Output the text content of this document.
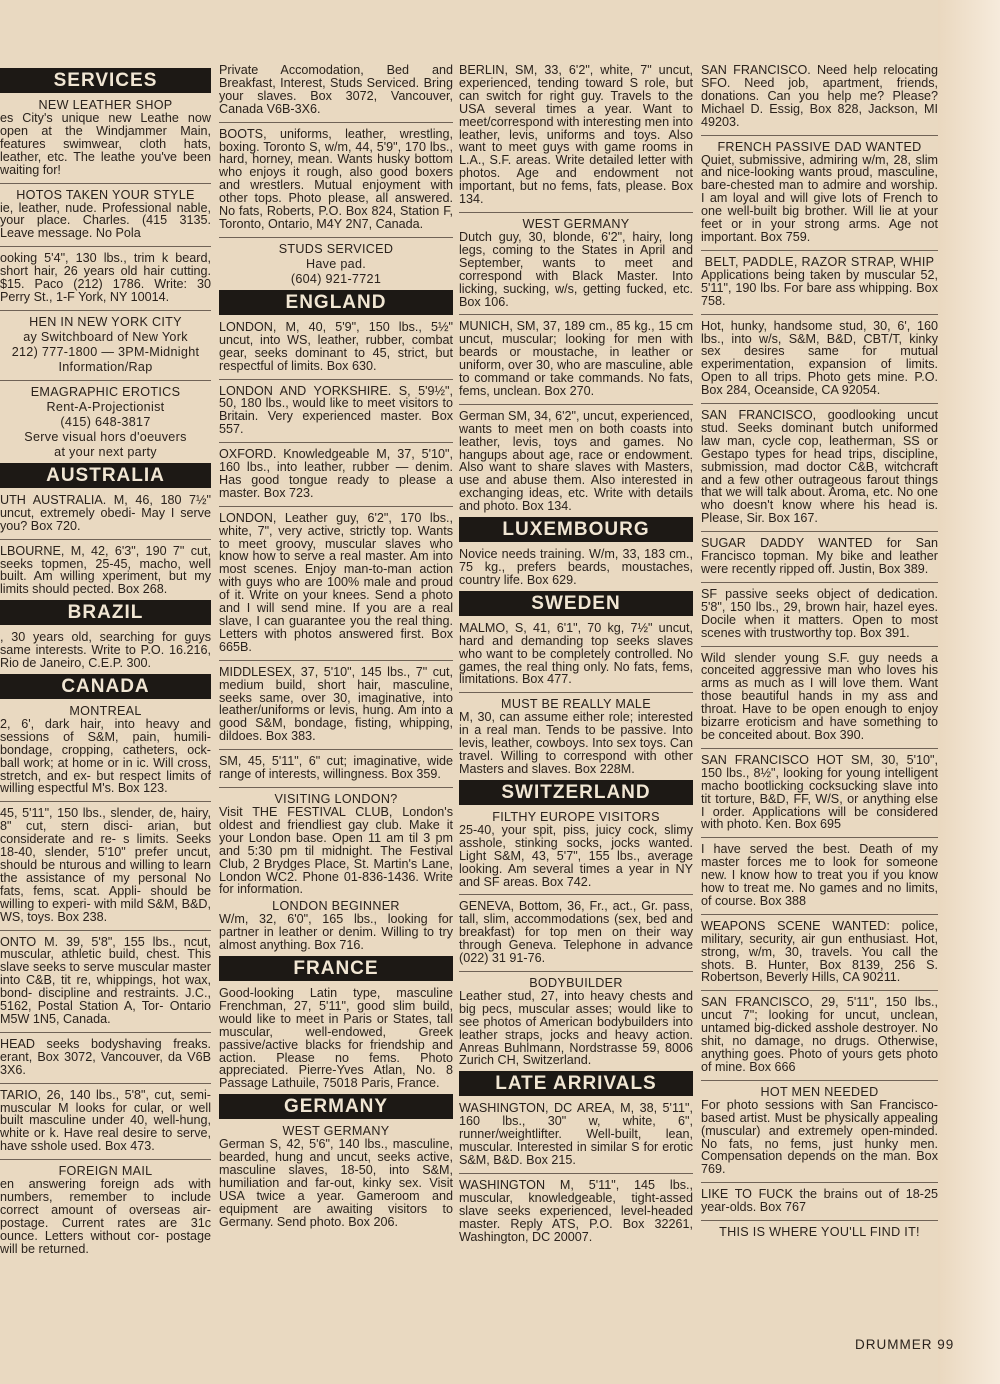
SERVICES
NEW LEATHER SHOP

es City's unique new Leathe now open at the Windjammer Main, features swimwear, cloth hats, leather, etc. The leathe you've been waiting for!

HOTOS TAKEN YOUR STYLE

ie, leather, nude. Professional nable, your place. Charles. (415 3135. Leave message. No Pola

ooking 5'4", 130 lbs., trim k beard, short hair, 26 years old hair cutting. $15. Paco (212) 1786. Write: 30 Perry St., 1-F York, NY 10014.

HEN IN NEW YORK CITY
ay Switchboard of New York
212) 777-1800 — 3PM-Midnight
Information/Rap
EMAGRAPHIC EROTICS
Rent-A-Projectionist
(415) 648-3817
Serve visual hors d'oeuvers
at your next party
AUSTRALIA

UTH AUSTRALIA. M, 46, 180 7½" uncut, extremely obedi- May I serve you? Box 720.

LBOURNE, M, 42, 6'3", 190 7" cut, seeks topmen, 25-45, macho, well built. Am willing xperiment, but my limits should pected. Box 268.

BRAZIL

, 30 years old, searching for guys same interests. Write to P.O. 16.216, Rio de Janeiro, C.E.P. 300.

CANADA
MONTREAL

2, 6', dark hair, into heavy and sessions of S&M, pain, humili- bondage, cropping, catheters, ock-ball work; at home or in ic. Will cross, stretch, and ex- but respect limits of willing espectful M's. Box 123.

45, 5'11", 150 lbs., slender, de, hairy, 8" cut, stern disci- arian, but considerate and re- s limits. Seeks 18-40, slender, 5'10" prefer uncut, should be nturous and willing to learn the assistance of my personal No fats, fems, scat. Appli- should be willing to experi- with mild S&M, B&D, WS, toys. Box 238.

ONTO M. 39, 5'8", 155 lbs., ncut, muscular, athletic build, chest. This slave seeks to serve muscular master into C&B, tit re, whippings, hot wax, bond- discipline and restraints. J.C., 5162, Postal Station A, Tor- Ontario M5W 1N5, Canada.

HEAD seeks bodyshaving freaks. erant, Box 3072, Vancouver, da V6B 3X6.

TARIO, 26, 140 lbs., 5'8", cut, semi-muscular M looks for cular, or well built masculine under 40, well-hung, white or k. Have real desire to serve, have sshole used. Box 473.

FOREIGN MAIL

en answering foreign ads with numbers, remember to include correct amount of overseas air- postage. Current rates are 31c ounce. Letters without cor- postage will be returned.

Private Accomodation, Bed and Breakfast, Interest, Studs Serviced. Bring your slaves. Box 3072, Vancouver, Canada V6B-3X6.

BOOTS, uniforms, leather, wrestling, boxing. Toronto S, w/m, 44, 5'9", 170 lbs., hard, horney, mean. Wants husky bottom who enjoys it rough, also good boxers and wrestlers. Mutual enjoyment with other tops. Photo please, all answered. No fats, Roberts, P.O. Box 824, Station F, Toronto, Ontario, M4Y 2N7, Canada.

STUDS SERVICED
Have pad.
(604) 921-7721
ENGLAND

LONDON, M, 40, 5'9", 150 lbs., 5½" uncut, into WS, leather, rubber, combat gear, seeks dominant to 45, strict, but respectful of limits. Box 630.

LONDON AND YORKSHIRE. S, 5'9½", 50, 180 lbs., would like to meet visitors to Britain. Very experienced master. Box 557.

OXFORD. Knowledgeable M, 37, 5'10", 160 lbs., into leather, rubber — denim. Has good tongue ready to please a master. Box 723.

LONDON, Leather guy, 6'2", 170 lbs., white, 7", very active, strictly top. Wants to meet groovy, muscular slaves who know how to serve a real master. Am into most scenes. Enjoy man-to-man action with guys who are 100% male and proud of it. Write on your knees. Send a photo and I will send mine. If you are a real slave, I can guarantee you the real thing. Letters with photos answered first. Box 665B.

MIDDLESEX, 37, 5'10", 145 lbs., 7" cut, medium build, short hair, masculine, seeks same, over 30, imaginative, into leather/uniforms or levis, hung. Am into a good S&M, bondage, fisting, whipping, dildoes. Box 383.

SM, 45, 5'11", 6" cut; imaginative, wide range of interests, willingness. Box 359.

VISITING LONDON?

Visit THE FESTIVAL CLUB, London's oldest and friendliest gay club. Make it your London base. Open 11 am til 3 pm and 5:30 pm til midnight. The Festival Club, 2 Brydges Place, St. Martin's Lane, London WC2. Phone 01-836-1436. Write for information.

LONDON BEGINNER

W/m, 32, 6'0", 165 lbs., looking for partner in leather or denim. Willing to try almost anything. Box 716.

FRANCE

Good-looking Latin type, masculine Frenchman, 27, 5'11", good slim build, would like to meet in Paris or States, tall muscular, well-endowed, Greek passive/active blacks for friendship and action. Please no fems. Photo appreciated. Pierre-Yves Atlan, No. 8 Passage Lathuile, 75018 Paris, France.

GERMANY
WEST GERMANY

German S, 42, 5'6", 140 lbs., masculine, bearded, hung and uncut, seeks active, masculine slaves, 18-50, into S&M, humiliation and far-out, kinky sex. Visit USA twice a year. Gameroom and equipment are awaiting visitors to Germany. Send photo. Box 206.

BERLIN, SM, 33, 6'2", white, 7" uncut, experienced, tending toward S role, but can switch for right guy. Travels to the USA several times a year. Want to meet/correspond with interesting men into leather, levis, uniforms and toys. Also want to meet guys with game rooms in L.A., S.F. areas. Write detailed letter with photos. Age and endowment not important, but no fems, fats, please. Box 134.

WEST GERMANY

Dutch guy, 30, blonde, 6'2", hairy, long legs, coming to the States in April and September, wants to meet and correspond with Black Master. Into licking, sucking, w/s, getting fucked, etc. Box 106.

MUNICH, SM, 37, 189 cm., 85 kg., 15 cm uncut, muscular; looking for men with beards or moustache, in leather or uniform, over 30, who are masculine, able to command or take commands. No fats, fems, unclean. Box 270.

German SM, 34, 6'2", uncut, experienced, wants to meet men on both coasts into leather, levis, toys and games. No hangups about age, race or endowment. Also want to share slaves with Masters, use and abuse them. Also interested in exchanging ideas, etc. Write with details and photo. Box 134.

LUXEMBOURG

Novice needs training. W/m, 33, 183 cm., 75 kg., prefers beards, moustaches, country life. Box 629.

SWEDEN

MALMO, S, 41, 6'1", 70 kg, 7½" uncut, hard and demanding top seeks slaves who want to be completely controlled. No games, the real thing only. No fats, fems, limitations. Box 477.

MUST BE REALLY MALE

M, 30, can assume either role; interested in a real man. Tends to be passive. Into levis, leather, cowboys. Into sex toys. Can travel. Willing to correspond with other Masters and slaves. Box 228M.

SWITZERLAND
FILTHY EUROPE VISITORS

25-40, your spit, piss, juicy cock, slimy asshole, stinking socks, jocks wanted. Light S&M, 43, 5'7", 155 lbs., average looking. Am several times a year in NY and SF areas. Box 742.

GENEVA, Bottom, 36, Fr., act., Gr. pass, tall, slim, accommodations (sex, bed and breakfast) for top men on their way through Geneva. Telephone in advance (022) 31 91-76.

BODYBUILDER

Leather stud, 27, into heavy chests and big pecs, muscular asses; would like to see photos of American bodybuilders into leather straps, jocks and heavy action. Anreas Buhlmann, Nordstrasse 59, 8006 Zurich CH, Switzerland.

LATE ARRIVALS

WASHINGTON, DC AREA, M, 38, 5'11", 160 lbs., 30" w, white, 6", runner/weightlifter. Well-built, lean, muscular. Interested in similar S for erotic S&M, B&D. Box 215.

WASHINGTON M, 5'11", 145 lbs., muscular, knowledgeable, tight-assed slave seeks experienced, level-headed master. Reply ATS, P.O. Box 32261, Washington, DC 20007.

SAN FRANCISCO. Need help relocating SFO. Need job, apartment, friends, donations. Can you help me? Please? Michael D. Essig, Box 828, Jackson, MI 49203.

FRENCH PASSIVE DAD WANTED

Quiet, submissive, admiring w/m, 28, slim and nice-looking wants proud, masculine, bare-chested man to admire and worship. I am loyal and will give lots of French to one well-built big brother. Will lie at your feet or in your strong arms. Age not important. Box 759.

BELT, PADDLE, RAZOR STRAP, WHIP

Applications being taken by muscular 52, 5'11", 190 lbs. For bare ass whipping. Box 758.

Hot, hunky, handsome stud, 30, 6', 160 lbs., into w/s, S&M, B&D, CBT/T, kinky sex desires same for mutual experimentation, expansion of limits. Open to all trips. Photo gets mine. P.O. Box 284, Oceanside, CA 92054.

SAN FRANCISCO, goodlooking uncut stud. Seeks dominant butch uniformed law man, cycle cop, leatherman, SS or Gestapo types for head trips, discipline, submission, mad doctor C&B, witchcraft and a few other outrageous farout things that we will talk about. Aroma, etc. No one who doesn't know where his head is. Please, Sir. Box 167.

SUGAR DADDY WANTED for San Francisco topman. My bike and leather were recently ripped off. Justin, Box 389.

SF passive seeks object of dedication. 5'8", 150 lbs., 29, brown hair, hazel eyes. Docile when it matters. Open to most scenes with trustworthy top. Box 391.

Wild slender young S.F. guy needs a conceited aggressive man who loves his arms as much as I will love them. Want those beautiful hands in my ass and throat. Have to be open enough to enjoy bizarre eroticism and have something to be conceited about. Box 390.

SAN FRANCISCO HOT SM, 30, 5'10", 150 lbs., 8½", looking for young intelligent macho bootlicking cocksucking slave into tit torture, B&D, FF, W/S, or anything else I order. Applications will be considered with photo. Ken. Box 695

I have served the best. Death of my master forces me to look for someone new. I know how to treat you if you know how to treat me. No games and no limits, of course. Box 388

WEAPONS SCENE WANTED: police, military, security, air gun enthusiast. Hot, strong, w/m, 30, travels. You call the shots. B. Hunter, Box 8139, 256 S. Robertson, Beverly Hills, CA 90211.

SAN FRANCISCO, 29, 5'11", 150 lbs., uncut 7"; looking for uncut, unclean, untamed big-dicked asshole destroyer. No shit, no damage, no drugs. Otherwise, anything goes. Photo of yours gets photo of mine. Box 666

HOT MEN NEEDED

For photo sessions with San Francisco-based artist. Must be physically appealing (muscular) and extremely open-minded. No fats, no fems, just hunky men. Compensation depends on the man. Box 769.

LIKE TO FUCK the brains out of 18-25 year-olds. Box 767

THIS IS WHERE YOU'LL FIND IT!
DRUMMER 99
